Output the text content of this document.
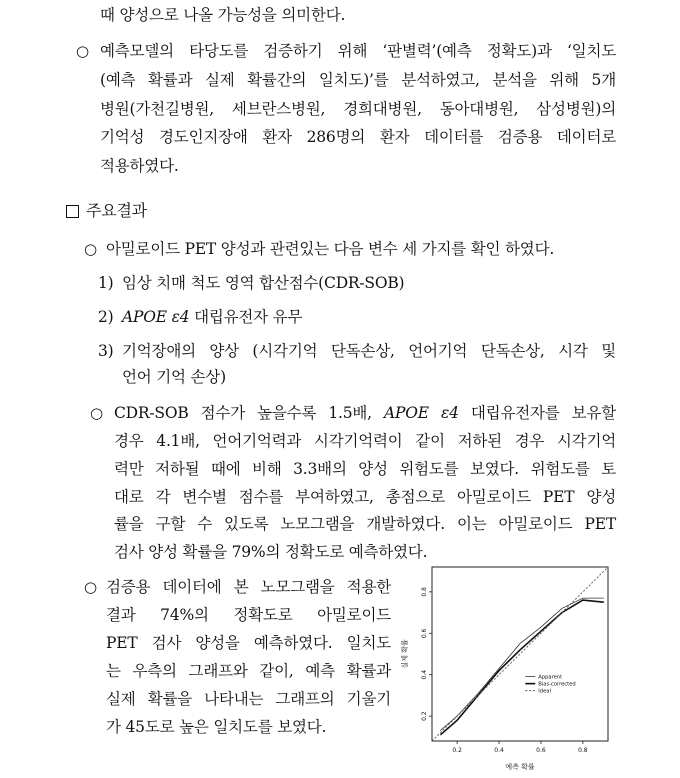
때 양성으로 나올 가능성을 의미한다.
○ 예측모델의 타당도를 검증하기 위해 ‘판별력’(예측 정확도)과 ‘일치도
(예측 확률과 실제 확률간의 일치도)’를 분석하였고, 분석을 위해 5개
병원(가천길병원, 세브란스병원, 경희대병원, 동아대병원, 삼성병원)의
기억성 경도인지장애 환자 286명의 환자 데이터를 검증용 데이터로
적용하였다.
주요결과
○ 아밀로이드 PET 양성과 관련있는 다음 변수 세 가지를 확인 하였다.
1) 임상 치매 척도 영역 합산점수(CDR-SOB)
2) APOE ε4 대립유전자 유무
3) 기억장애의 양상 (시각기억 단독손상, 언어기억 단독손상, 시각 및
언어 기억 손상)
○ CDR-SOB 점수가 높을수록 1.5배, APOE ε4 대립유전자를 보유할
경우 4.1배, 언어기억력과 시각기억력이 같이 저하된 경우 시각기억
력만 저하될 때에 비해 3.3배의 양성 위험도를 보였다. 위험도를 토
대로 각 변수별 점수를 부여하였고, 총점으로 아밀로이드 PET 양성
률을 구할 수 있도록 노모그램을 개발하였다. 이는 아밀로이드 PET
검사 양성 확률을 79%의 정확도로 예측하였다.
○ 검증용 데이터에 본 노모그램을 적용한
결과 74%의 정확도로 아밀로이드
PET 검사 양성을 예측하였다. 일치도
는 우측의 그래프와 같이, 예측 확률과
실제 확률을 나타내는 그래프의 기울기
가 45도로 높은 일치도를 보였다.
0.2	0.4	0.6	0.8
0.2
0.4
0.6
0.8
Apparent
Bias-corrected
Ideal
예측 확률
실제 확률
